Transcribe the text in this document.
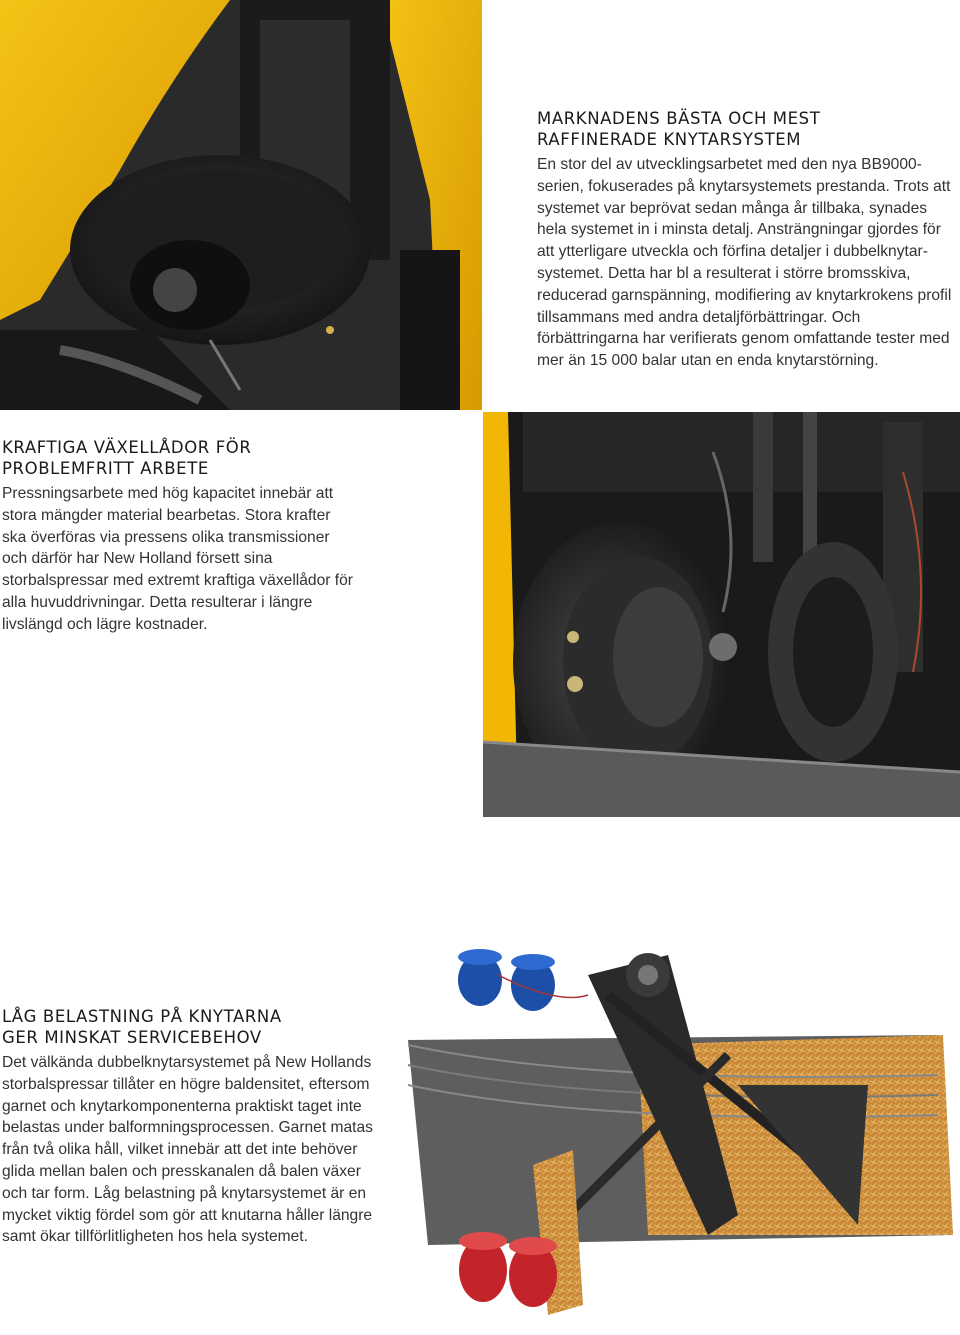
MARKNADENS BÄSTA OCH MEST
RAFFINERADE KNYTARSYSTEM

En stor del av utvecklingsarbetet med den nya BB9000-serien, fokuserades på knytarsystemets prestanda. Trots att systemet var beprövat sedan många år tillbaka, synades hela systemet in i minsta detalj. Ansträngningar gjordes för att ytterligare utveckla och förfina detaljer i dubbelknytar-systemet. Detta har bl a resulterat i större bromsskiva, reducerad garnspänning, modifiering av knytarkrokens profil tillsammans med andra detaljförbättringar. Och förbättringarna har verifierats genom omfattande tester med mer än 15 000 balar utan en enda knytarstörning.

KRAFTIGA VÄXELLÅDOR FÖR
PROBLEMFRITT ARBETE

Pressningsarbete med hög kapacitet innebär att stora mängder material bearbetas. Stora krafter ska överföras via pressens olika transmissioner och därför har New Holland försett sina storbalspressar med extremt kraftiga växellådor för alla huvuddrivningar. Detta resulterar i längre livslängd och lägre kostnader.

LÅG BELASTNING PÅ KNYTARNA
GER MINSKAT SERVICEBEHOV

Det välkända dubbelknytarsystemet på New Hollands storbalspressar tillåter en högre baldensitet, eftersom garnet och knytarkomponenterna praktiskt taget inte belastas under balformningsprocessen. Garnet matas från två olika håll, vilket innebär att det inte behöver glida mellan balen och presskanalen då balen växer och tar form. Låg belastning på knytarsystemet är en mycket viktig fördel som gör att knutarna håller längre samt ökar tillförlitligheten hos hela systemet.
